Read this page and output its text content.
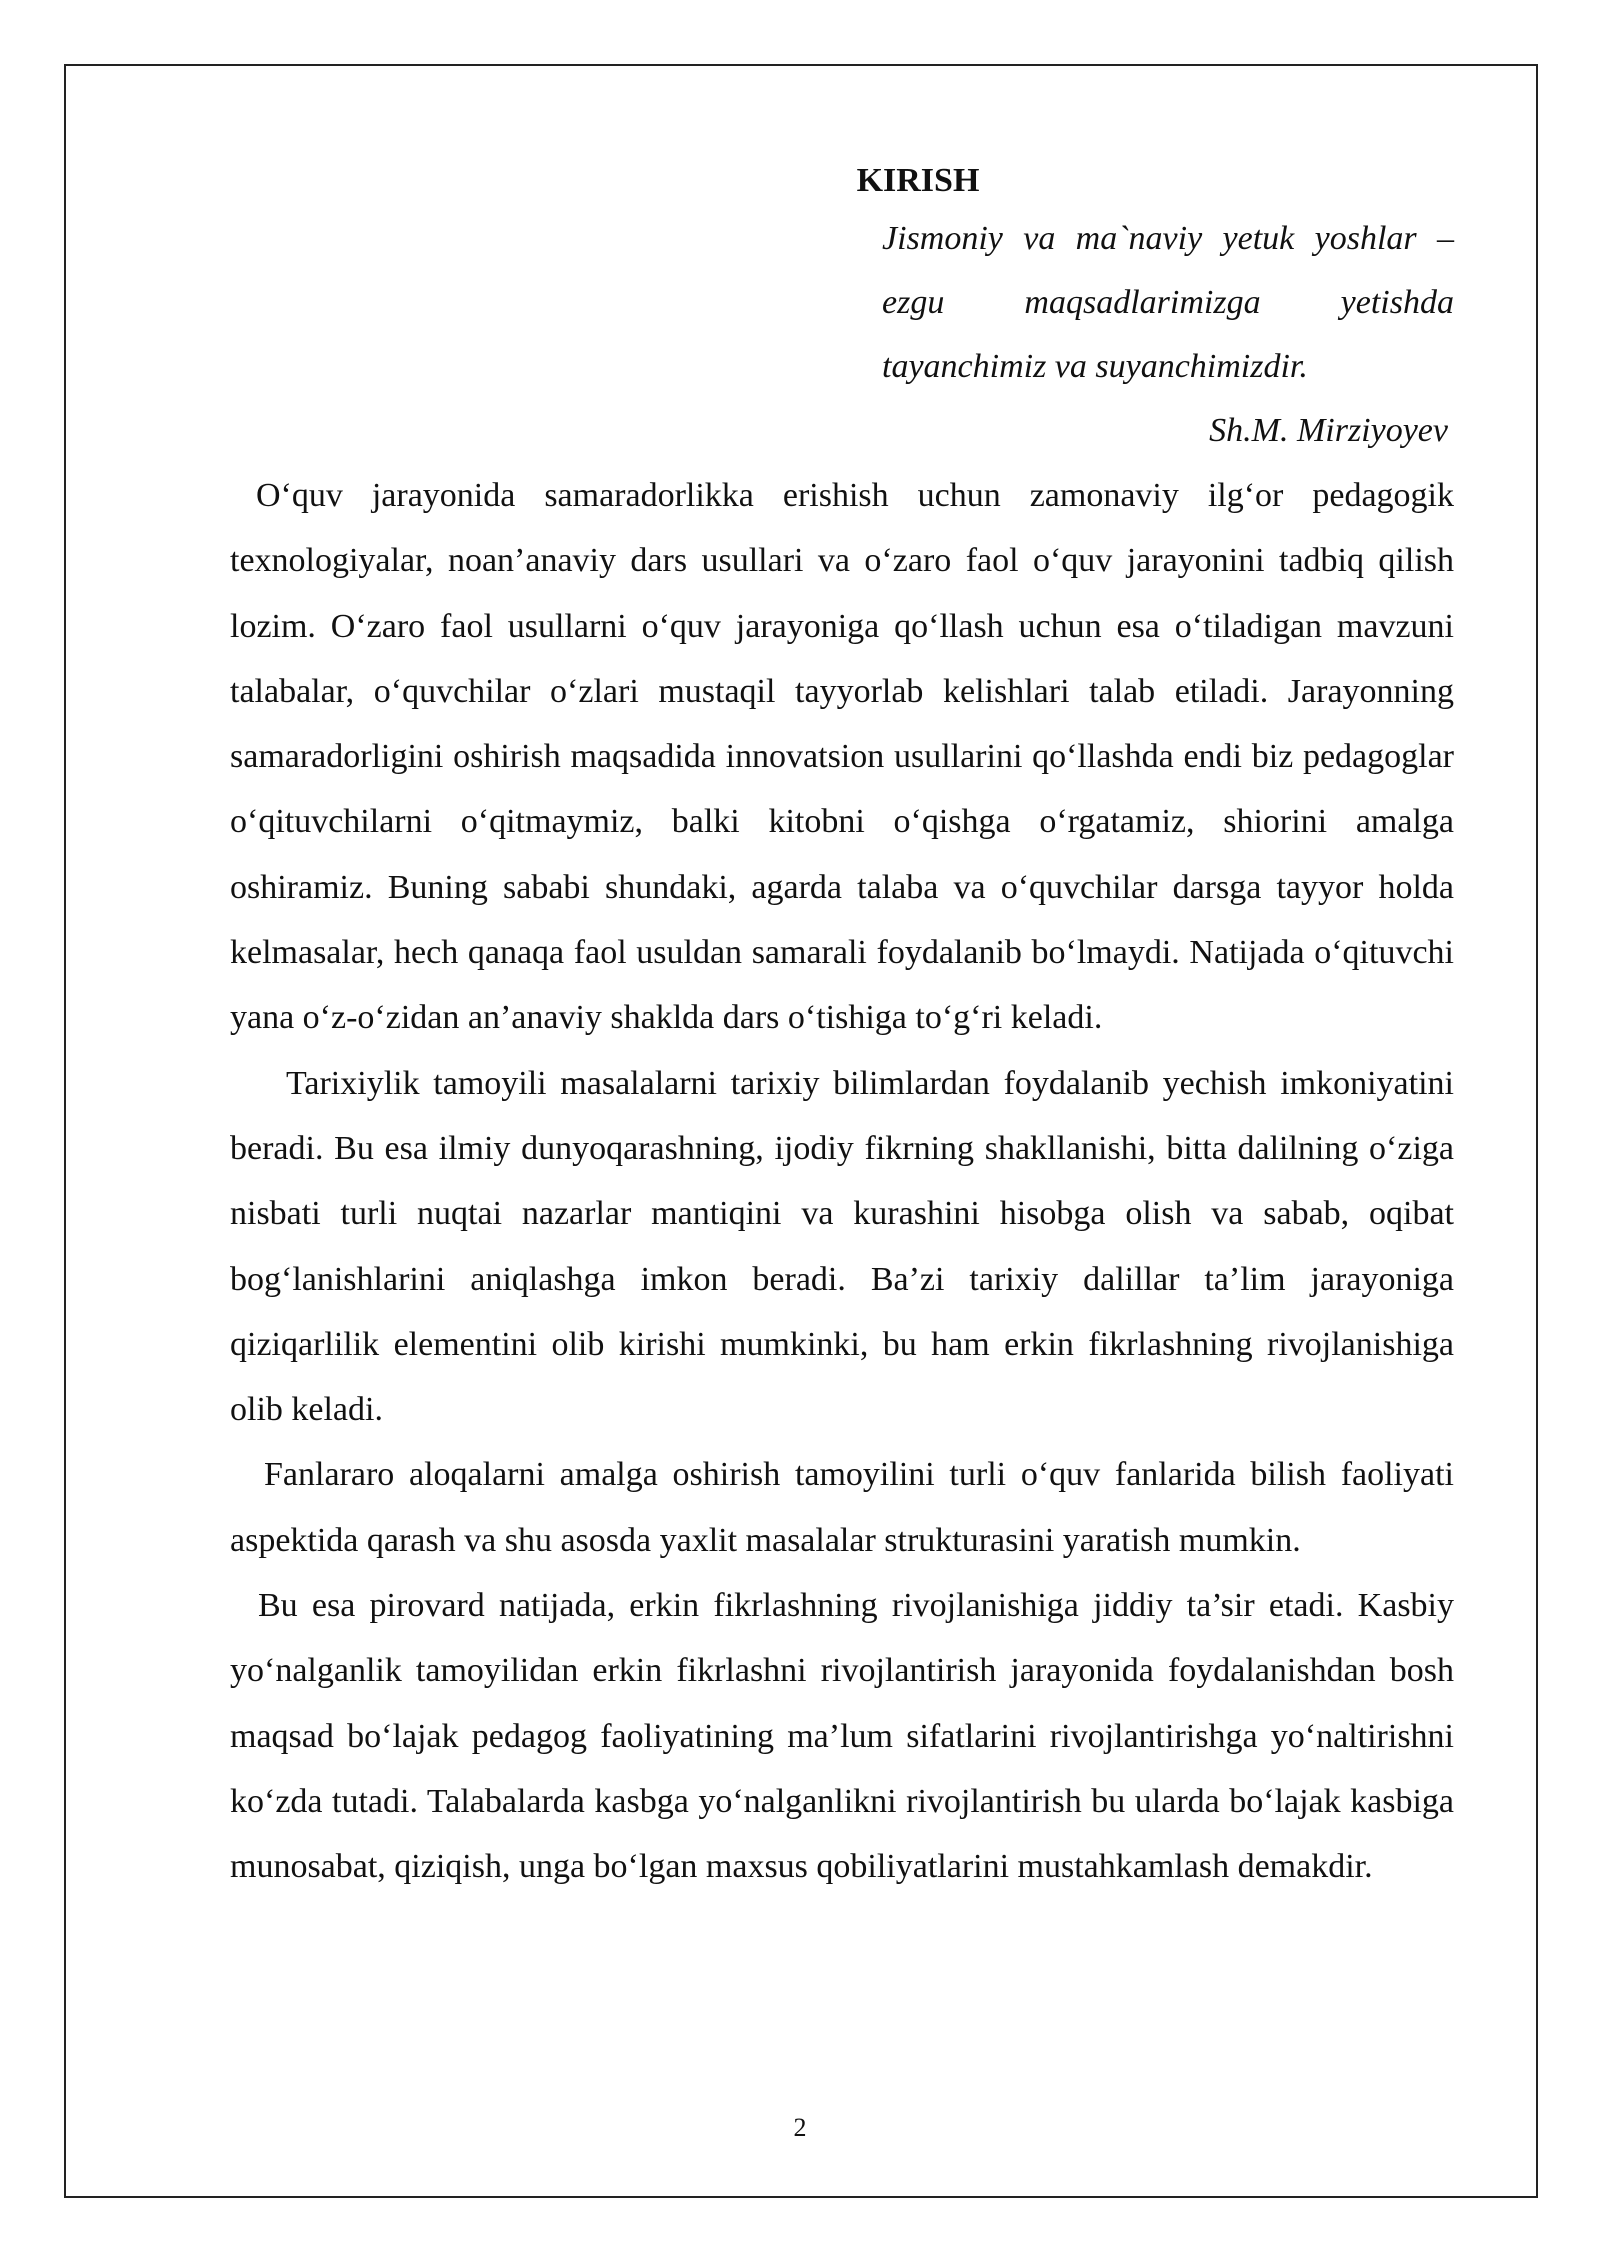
KIRISH
Jismoniy va ma`naviy yetuk yoshlar – ezgu maqsadlarimizga yetishda tayanchimiz va suyanchimizdir.
Sh.M. Mirziyoyev

Oʻquv jarayonida samaradorlikka erishish uchun zamonaviy ilgʻor pedagogik texnologiyalar, noan’anaviy dars usullari va oʻzaro faol oʻquv jarayonini tadbiq qilish lozim. Oʻzaro faol usullarni oʻquv jarayoniga qoʻllash uchun esa oʻtiladigan mavzuni talabalar, oʻquvchilar oʻzlari mustaqil tayyorlab kelishlari talab etiladi. Jarayonning samaradorligini oshirish maqsadida innovatsion usullarini qoʻllashda endi biz pedagoglar oʻqituvchilarni oʻqitmaymiz, balki kitobni oʻqishga oʻrgatamiz, shiorini amalga oshiramiz. Buning sababi shundaki, agarda talaba va oʻquvchilar darsga tayyor holda kelmasalar, hech qanaqa faol usuldan samarali foydalanib boʻlmaydi. Natijada oʻqituvchi yana oʻz-oʻzidan an’anaviy shaklda dars oʻtishiga toʻgʻri keladi.

Tarixiylik tamoyili masalalarni tarixiy bilimlardan foydalanib yechish imkoniyatini beradi. Bu esa ilmiy dunyoqarashning, ijodiy fikrning shakllanishi, bitta dalilning oʻziga nisbati turli nuqtai nazarlar mantiqini va kurashini hisobga olish va sabab, oqibat bogʻlanishlarini aniqlashga imkon beradi. Ba’zi tarixiy dalillar ta’lim jarayoniga qiziqarlilik elementini olib kirishi mumkinki, bu ham erkin fikrlashning rivojlanishiga olib keladi.

Fanlararo aloqalarni amalga oshirish tamoyilini turli oʻquv fanlarida bilish faoliyati aspektida qarash va shu asosda yaxlit masalalar strukturasini yaratish mumkin.

Bu esa pirovard natijada, erkin fikrlashning rivojlanishiga jiddiy ta’sir etadi. Kasbiy yoʻnalganlik tamoyilidan erkin fikrlashni rivojlantirish jarayonida foydalanishdan bosh maqsad boʻlajak pedagog faoliyatining ma’lum sifatlarini rivojlantirishga yoʻnaltirishni koʻzda tutadi. Talabalarda kasbga yoʻnalganlikni rivojlantirish bu ularda boʻlajak kasbiga munosabat, qiziqish, unga boʻlgan maxsus qobiliyatlarini mustahkamlash demakdir.

2
